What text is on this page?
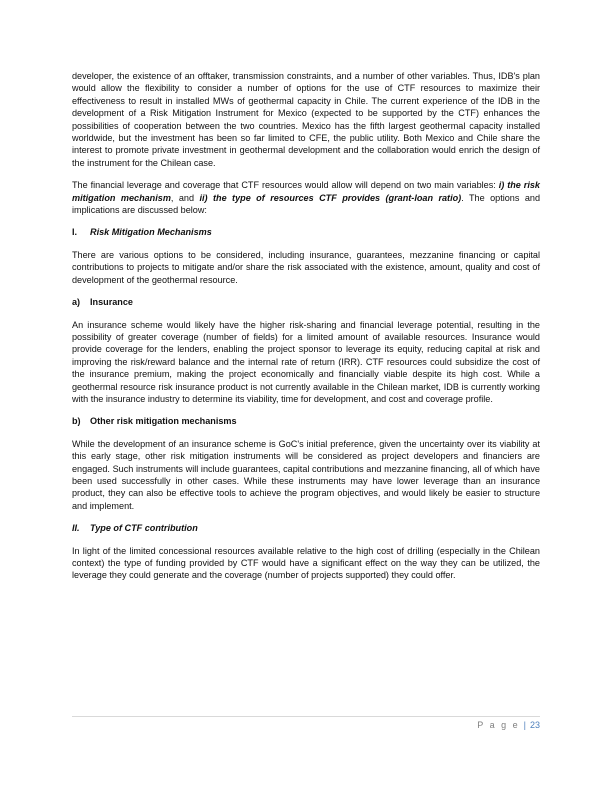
developer, the existence of an offtaker, transmission constraints, and a number of other variables. Thus, IDB's plan would allow the flexibility to consider a number of options for the use of CTF resources to maximize their effectiveness to result in installed MWs of geothermal capacity in Chile. The current experience of the IDB in the development of a Risk Mitigation Instrument for Mexico (expected to be supported by the CTF) enhances the possibilities of cooperation between the two countries. Mexico has the fifth largest geothermal capacity installed worldwide, but the investment has been so far limited to CFE, the public utility. Both Mexico and Chile share the interest to promote private investment in geothermal development and the collaboration would enrich the design of the instrument for the Chilean case.

The financial leverage and coverage that CTF resources would allow will depend on two main variables: i) the risk mitigation mechanism, and ii) the type of resources CTF provides (grant-loan ratio). The options and implications are discussed below:

I. Risk Mitigation Mechanisms

There are various options to be considered, including insurance, guarantees, mezzanine financing or capital contributions to projects to mitigate and/or share the risk associated with the existence, amount, quality and cost of development of the geothermal resource.

a) Insurance

An insurance scheme would likely have the higher risk-sharing and financial leverage potential, resulting in the possibility of greater coverage (number of fields) for a limited amount of available resources. Insurance would provide coverage for the lenders, enabling the project sponsor to leverage its equity, reducing capital at risk and improving the risk/reward balance and the internal rate of return (IRR). CTF resources could subsidize the cost of the insurance premium, making the project economically and financially viable despite its high cost. While a geothermal resource risk insurance product is not currently available in the Chilean market, IDB is currently working with the insurance industry to determine its viability, time for development, and cost and coverage profile.

b) Other risk mitigation mechanisms

While the development of an insurance scheme is GoC's initial preference, given the uncertainty over its viability at this early stage, other risk mitigation instruments will be considered as project developers and financiers are engaged. Such instruments will include guarantees, capital contributions and mezzanine financing, all of which have been used successfully in other cases. While these instruments may have lower leverage than an insurance product, they can also be effective tools to achieve the program objectives, and would likely be easier to structure and implement.

II. Type of CTF contribution

In light of the limited concessional resources available relative to the high cost of drilling (especially in the Chilean context) the type of funding provided by CTF would have a significant effect on the way they can be utilized, the leverage they could generate and the coverage (number of projects supported) they could offer.

P a g e | 23
